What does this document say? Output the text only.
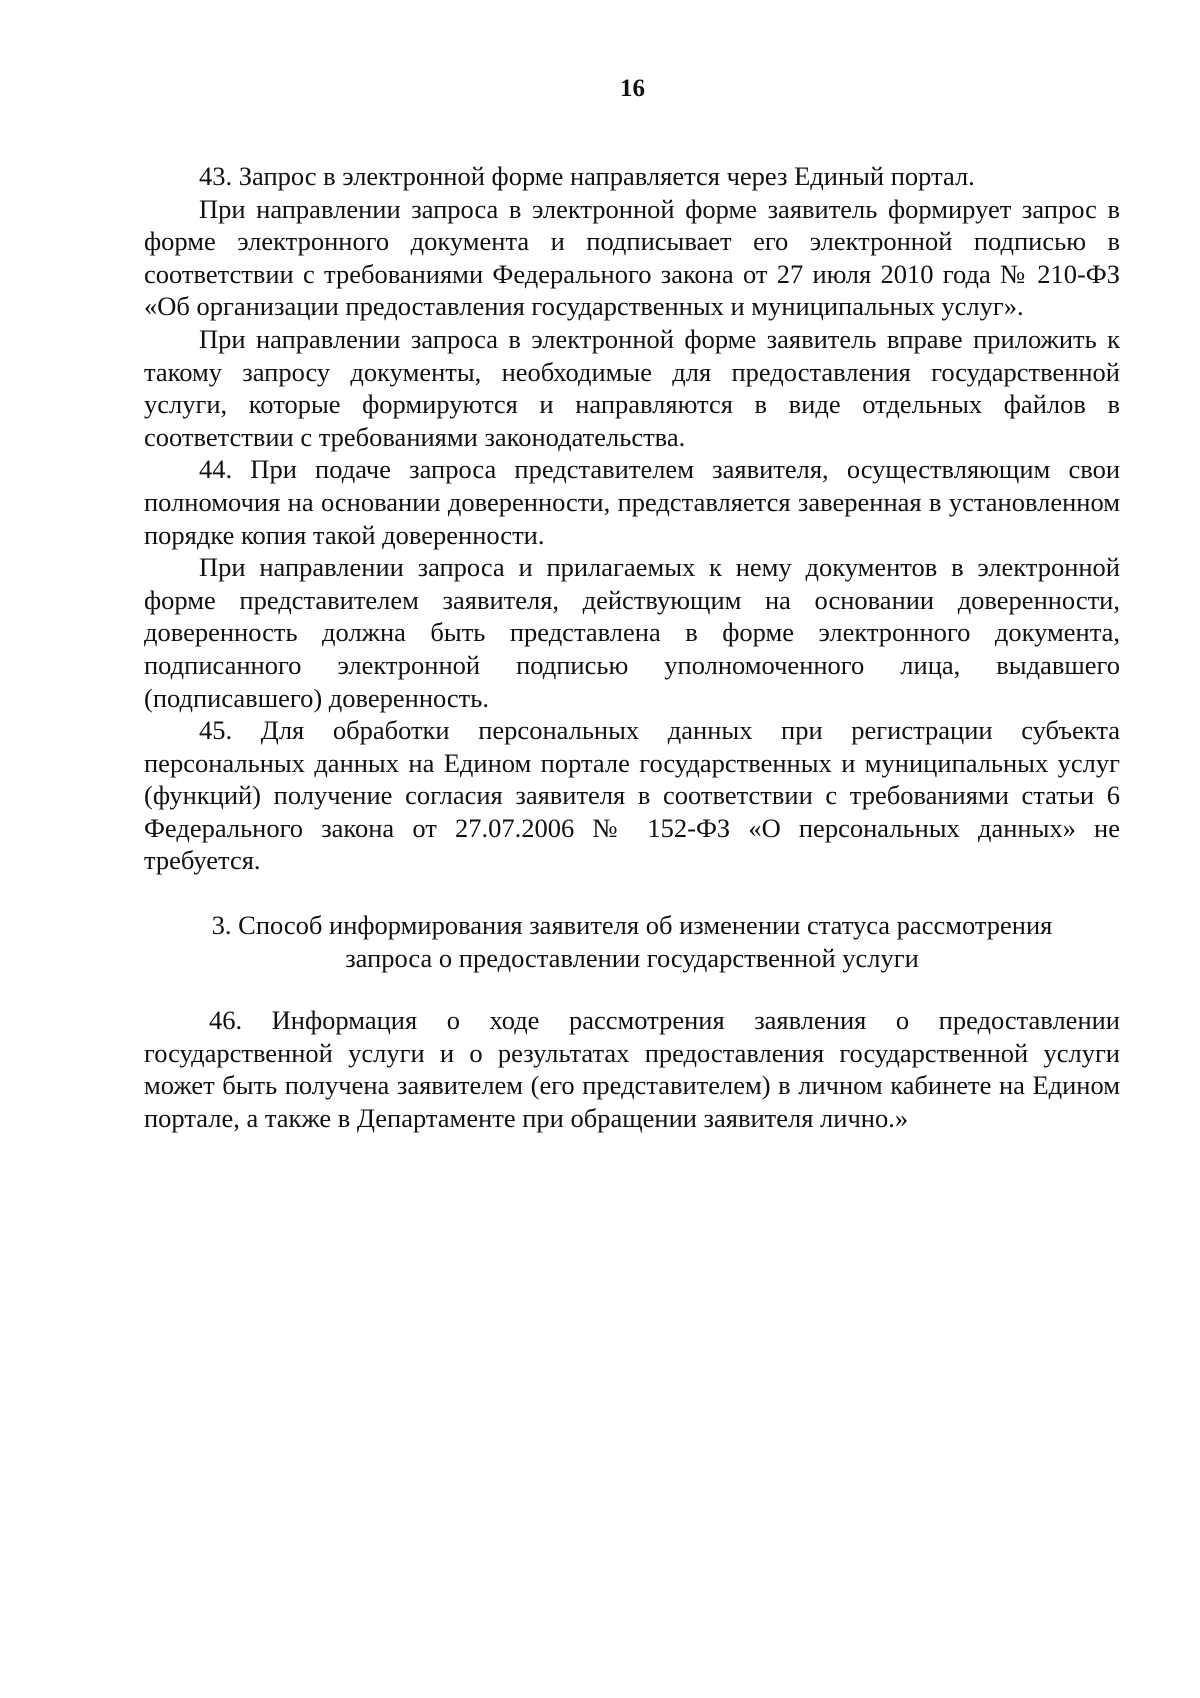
16

43. Запрос в электронной форме направляется через Единый портал.

При направлении запроса в электронной форме заявитель формирует запрос в форме электронного документа и подписывает его электронной подписью в соответствии с требованиями Федерального закона от 27 июля 2010 года № 210-ФЗ «Об организации предоставления государственных и муниципальных услуг».

При направлении запроса в электронной форме заявитель вправе приложить к такому запросу документы, необходимые для предоставления государственной услуги, которые формируются и направляются в виде отдельных файлов в соответствии с требованиями законодательства.

44. При подаче запроса представителем заявителя, осуществляющим свои полномочия на основании доверенности, представляется заверенная в установленном порядке копия такой доверенности.

При направлении запроса и прилагаемых к нему документов в электронной форме представителем заявителя, действующим на основании доверенности, доверенность должна быть представлена в форме электронного документа, подписанного электронной подписью уполномоченного лица, выдавшего (подписавшего) доверенность.

45. Для обработки персональных данных при регистрации субъекта персональных данных на Едином портале государственных и муниципальных услуг (функций) получение согласия заявителя в соответствии с требованиями статьи 6 Федерального закона от 27.07.2006 № 152-ФЗ «О персональных данных» не требуется.

3. Способ информирования заявителя об изменении статуса рассмотрения
запроса о предоставлении государственной услуги

46. Информация о ходе рассмотрения заявления о предоставлении государственной услуги и о результатах предоставления государственной услуги может быть получена заявителем (его представителем) в личном кабинете на Едином портале, а также в Департаменте при обращении заявителя лично.»
